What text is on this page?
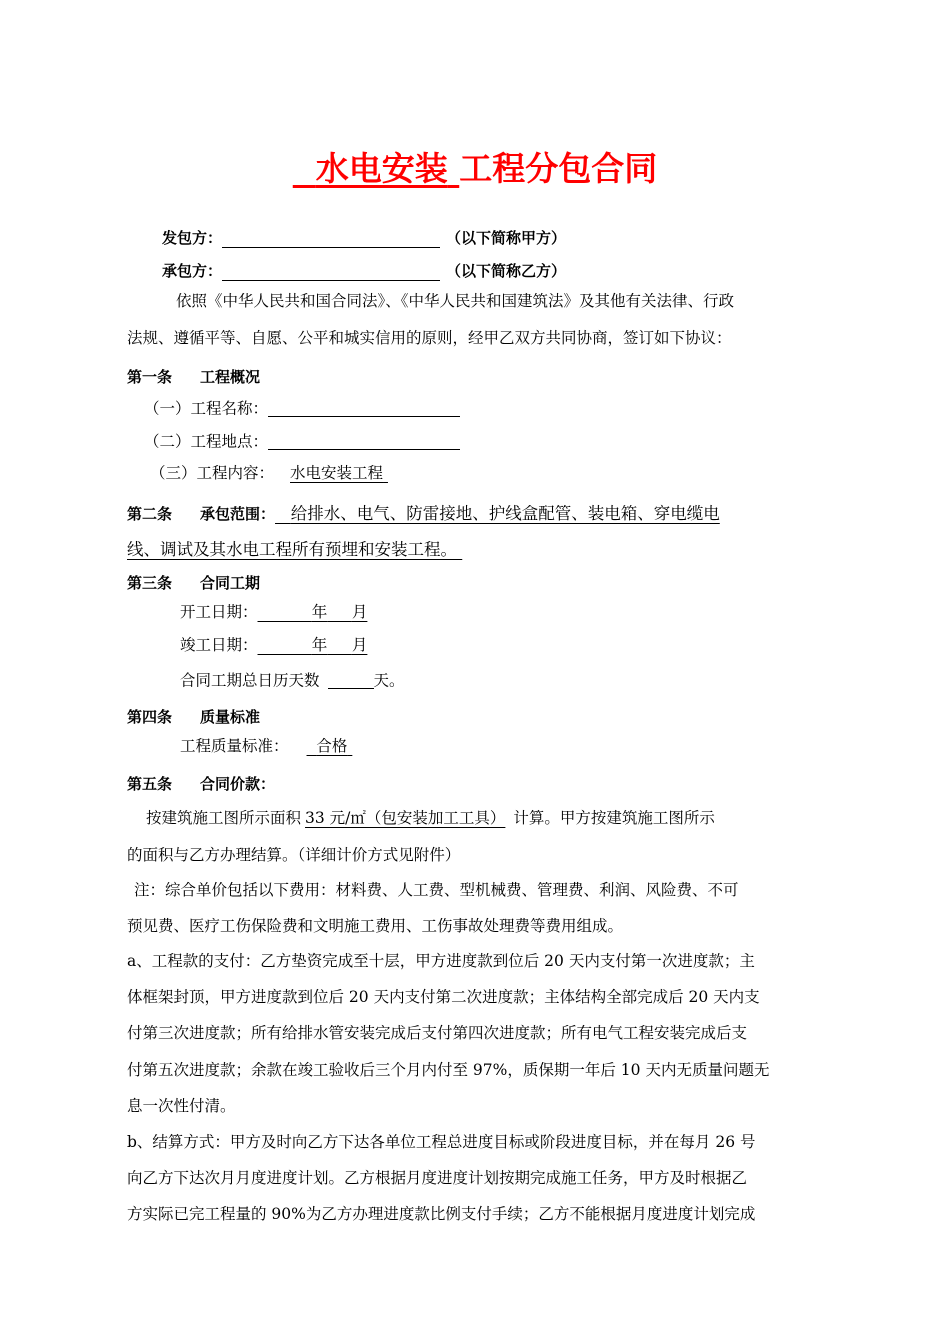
水电安装 工程分包合同
发包方：	（以下简称甲方）
承包方：	（以下简称乙方）
依照《中华人民共和国合同法》、《中华人民共和国建筑法》及其他有关法律、行政
法规、遵循平等、自愿、公平和城实信用的原则，经甲乙双方共同协商，签订如下协议：
第一条 工程概况
（一）工程名称：
（二）工程地点：
（三）工程内容： 水电安装工程
第二条 承包范围： 给排水、电气、防雷接地、护线盒配管、装电箱、穿电缆电
线、调试及其水电工程所有预埋和安装工程。
第三条 合同工期
开工日期：	年 月
竣工日期：	年 月
合同工期总日历天数	天。
第四条 质量标准
工程质量标准： 合格
第五条 合同价款：
按建筑施工图所示面积 33 元/㎡（包安装加工工具） 计算。甲方按建筑施工图所示
的面积与乙方办理结算。（详细计价方式见附件）
注：综合单价包括以下费用：材料费、人工费、型机械费、管理费、利润、风险费、不可
预见费、医疗工伤保险费和文明施工费用、工伤事故处理费等费用组成。
a、工程款的支付：乙方垫资完成至十层，甲方进度款到位后 20 天内支付第一次进度款；主
体框架封顶，甲方进度款到位后 20 天内支付第二次进度款；主体结构全部完成后 20 天内支
付第三次进度款；所有给排水管安装完成后支付第四次进度款；所有电气工程安装完成后支
付第五次进度款；余款在竣工验收后三个月内付至 97%，质保期一年后 10 天内无质量问题无
息一次性付清。
b、结算方式：甲方及时向乙方下达各单位工程总进度目标或阶段进度目标，并在每月 26 号
向乙方下达次月月度进度计划。乙方根据月度进度计划按期完成施工任务，甲方及时根据乙
方实际已完工程量的 90%为乙方办理进度款比例支付手续；乙方不能根据月度进度计划完成
